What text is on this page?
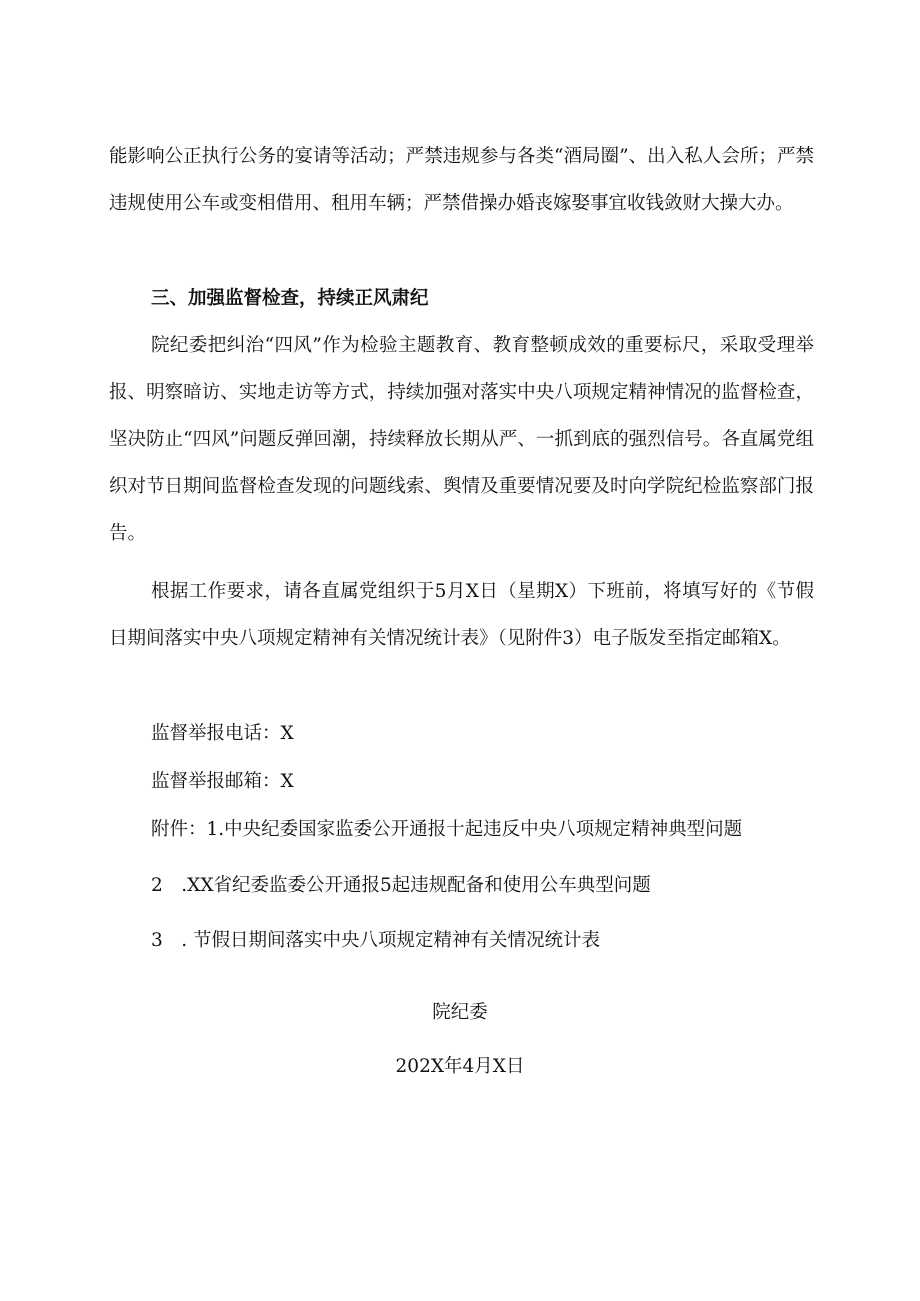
能影响公正执行公务的宴请等活动；严禁违规参与各类“酒局圈”、出入私人会所；严禁违规使用公车或变相借用、租用车辆；严禁借操办婚丧嫁娶事宜收钱敛财大操大办。

三、加强监督检查，持续正风肃纪

院纪委把纠治“四风”作为检验主题教育、教育整顿成效的重要标尺，采取受理举报、明察暗访、实地走访等方式，持续加强对落实中央八项规定精神情况的监督检查，坚决防止“四风”问题反弹回潮，持续释放长期从严、一抓到底的强烈信号。各直属党组织对节日期间监督检查发现的问题线索、舆情及重要情况要及时向学院纪检监察部门报告。

根据工作要求，请各直属党组织于5月X日（星期X）下班前，将填写好的《节假日期间落实中央八项规定精神有关情况统计表》（见附件3）电子版发至指定邮箱X。

监督举报电话：X

监督举报邮箱：X

附件：1.中央纪委国家监委公开通报十起违反中央八项规定精神典型问题

2　.XX省纪委监委公开通报5起违规配备和使用公车典型问题

3　. 节假日期间落实中央八项规定精神有关情况统计表

院纪委

202X年4月X日
